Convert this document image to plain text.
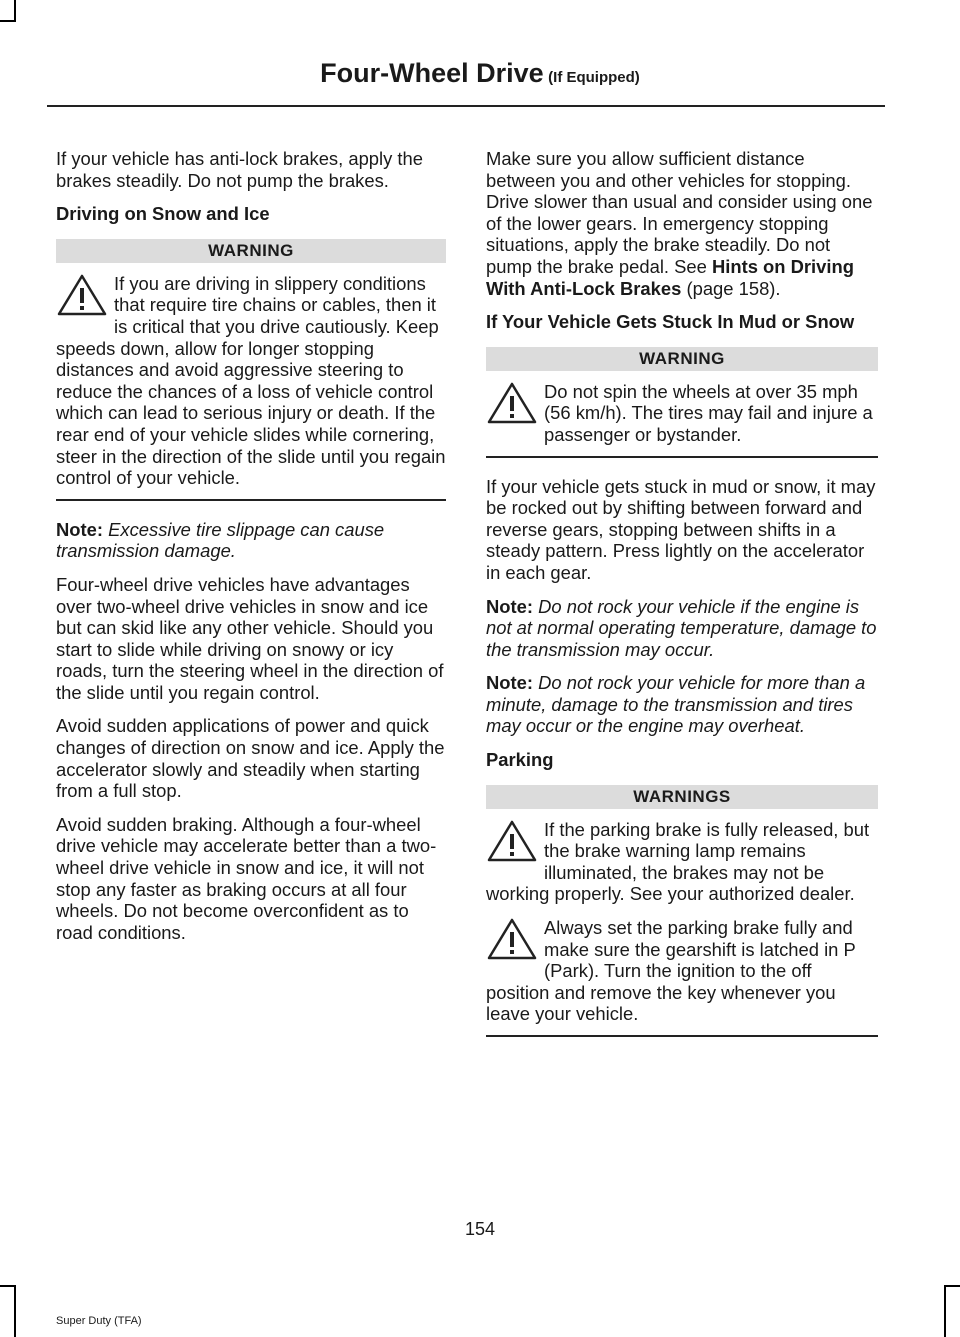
Four-Wheel Drive (If Equipped)

If your vehicle has anti-lock brakes, apply the brakes steadily. Do not pump the brakes.

Driving on Snow and Ice

WARNING
If you are driving in slippery conditions that require tire chains or cables, then it is critical that you drive cautiously. Keep speeds down, allow for longer stopping distances and avoid aggressive steering to reduce the chances of a loss of vehicle control which can lead to serious injury or death. If the rear end of your vehicle slides while cornering, steer in the direction of the slide until you regain control of your vehicle.

Note: Excessive tire slippage can cause transmission damage.

Four-wheel drive vehicles have advantages over two-wheel drive vehicles in snow and ice but can skid like any other vehicle. Should you start to slide while driving on snowy or icy roads, turn the steering wheel in the direction of the slide until you regain control.

Avoid sudden applications of power and quick changes of direction on snow and ice. Apply the accelerator slowly and steadily when starting from a full stop.

Avoid sudden braking. Although a four-wheel drive vehicle may accelerate better than a two-wheel drive vehicle in snow and ice, it will not stop any faster as braking occurs at all four wheels. Do not become overconfident as to road conditions.

Make sure you allow sufficient distance between you and other vehicles for stopping. Drive slower than usual and consider using one of the lower gears. In emergency stopping situations, apply the brake steadily. Do not pump the brake pedal. See Hints on Driving With Anti-Lock Brakes (page 158).

If Your Vehicle Gets Stuck In Mud or Snow

WARNING
Do not spin the wheels at over 35 mph (56 km/h). The tires may fail and injure a passenger or bystander.

If your vehicle gets stuck in mud or snow, it may be rocked out by shifting between forward and reverse gears, stopping between shifts in a steady pattern. Press lightly on the accelerator in each gear.

Note: Do not rock your vehicle if the engine is not at normal operating temperature, damage to the transmission may occur.

Note: Do not rock your vehicle for more than a minute, damage to the transmission and tires may occur or the engine may overheat.

Parking

WARNINGS
If the parking brake is fully released, but the brake warning lamp remains illuminated, the brakes may not be working properly. See your authorized dealer.
Always set the parking brake fully and make sure the gearshift is latched in P (Park). Turn the ignition to the off position and remove the key whenever you leave your vehicle.
154
Super Duty (TFA)
